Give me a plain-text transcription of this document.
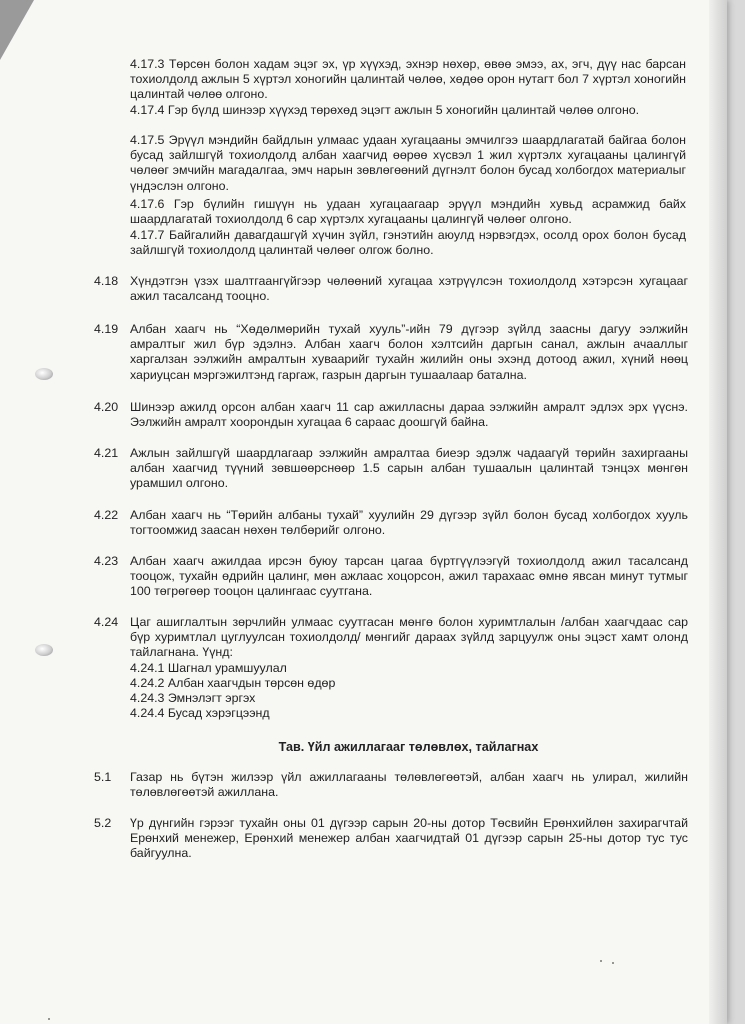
4.17.3 Төрсөн болон хадам эцэг эх, үр хүүхэд, эхнэр нөхөр, өвөө эмээ, ах, эгч, дүү нас барсан тохиолдолд ажлын 5 хүртэл хоногийн цалинтай чөлөө, хөдөө орон нутагт бол 7 хүртэл хоногийн цалинтай чөлөө олгоно.
4.17.4 Гэр бүлд шинээр хүүхэд төрөхөд эцэгт ажлын 5 хоногийн цалинтай чөлөө олгоно.
4.17.5 Эрүүл мэндийн байдлын улмаас удаан хугацааны эмчилгээ шаардлагатай байгаа болон бусад зайлшгүй тохиолдолд албан хаагчид өөрөө хүсвэл 1 жил хүртэлх хугацааны цалингүй чөлөөг эмчийн магадалгаа, эмч нарын зөвлөгөөний дүгнэлт болон бусад холбогдох материалыг үндэслэн олгоно.
4.17.6 Гэр бүлийн гишүүн нь удаан хугацаагаар эрүүл мэндийн хувьд асрамжид байх шаардлагатай тохиолдолд 6 сар хүртэлх хугацааны цалингүй чөлөөг олгоно.
4.17.7 Байгалийн давагдашгүй хүчин зүйл, гэнэтийн аюулд нэрвэгдэх, осолд орох болон бусад зайлшгүй тохиолдолд цалинтай чөлөөг олгож болно.
4.18 Хүндэтгэн үзэх шалтгаангүйгээр чөлөөний хугацаа хэтрүүлсэн тохиолдолд хэтэрсэн хугацааг ажил тасалсанд тооцно.
4.19 Албан хаагч нь “Хөдөлмөрийн тухай хууль”-ийн 79 дүгээр зүйлд заасны дагуу ээлжийн амралтыг жил бүр эдэлнэ. Албан хаагч болон хэлтсийн даргын санал, ажлын ачааллыг харгалзан ээлжийн амралтын хуваарийг тухайн жилийн оны эхэнд дотоод ажил, хүний нөөц хариуцсан мэргэжилтэнд гаргаж, газрын даргын тушаалаар батална.
4.20 Шинээр ажилд орсон албан хаагч 11 сар ажилласны дараа ээлжийн амралт эдлэх эрх үүснэ. Ээлжийн амралт хоорондын хугацаа 6 сараас доошгүй байна.
4.21 Ажлын зайлшгүй шаардлагаар ээлжийн амралтаа биеэр эдэлж чадаагүй төрийн захиргааны албан хаагчид түүний зөвшөөрснөөр 1.5 сарын албан тушаалын цалинтай тэнцэх мөнгөн урамшил олгоно.
4.22 Албан хаагч нь “Төрийн албаны тухай” хуулийн 29 дүгээр зүйл болон бусад холбогдох хууль тогтоомжид заасан нөхөн төлбөрийг олгоно.
4.23 Албан хаагч ажилдаа ирсэн буюу тарсан цагаа бүртгүүлээгүй тохиолдолд ажил тасалсанд тооцож, тухайн өдрийн цалинг, мөн ажлаас хоцорсон, ажил тарахаас өмнө явсан минут тутмыг 100 төгрөгөөр тооцон цалингаас суутгана.
4.24 Цаг ашиглалтын зөрчлийн улмаас суутгасан мөнгө болон хуримтлалын /албан хаагчдаас сар бүр хуримтлал цуглуулсан тохиолдолд/ мөнгийг дараах зүйлд зарцуулж оны эцэст хамт олонд тайлагнана. Үүнд:
4.24.1 Шагнал урамшуулал
4.24.2 Албан хаагчдын төрсөн өдөр
4.24.3 Эмнэлэгт эргэх
4.24.4 Бусад хэрэгцээнд
Тав. Үйл ажиллагааг төлөвлөх, тайлагнах
5.1 Газар нь бүтэн жилээр үйл ажиллагааны төлөвлөгөөтэй, албан хаагч нь улирал, жилийн төлөвлөгөөтэй ажиллана.
5.2 Үр дүнгийн гэрээг тухайн оны 01 дүгээр сарын 20-ны дотор Төсвийн Ерөнхийлөн захирагчтай Ерөнхий менежер, Ерөнхий менежер албан хаагчидтай 01 дүгээр сарын 25-ны дотор тус тус байгуулна.
